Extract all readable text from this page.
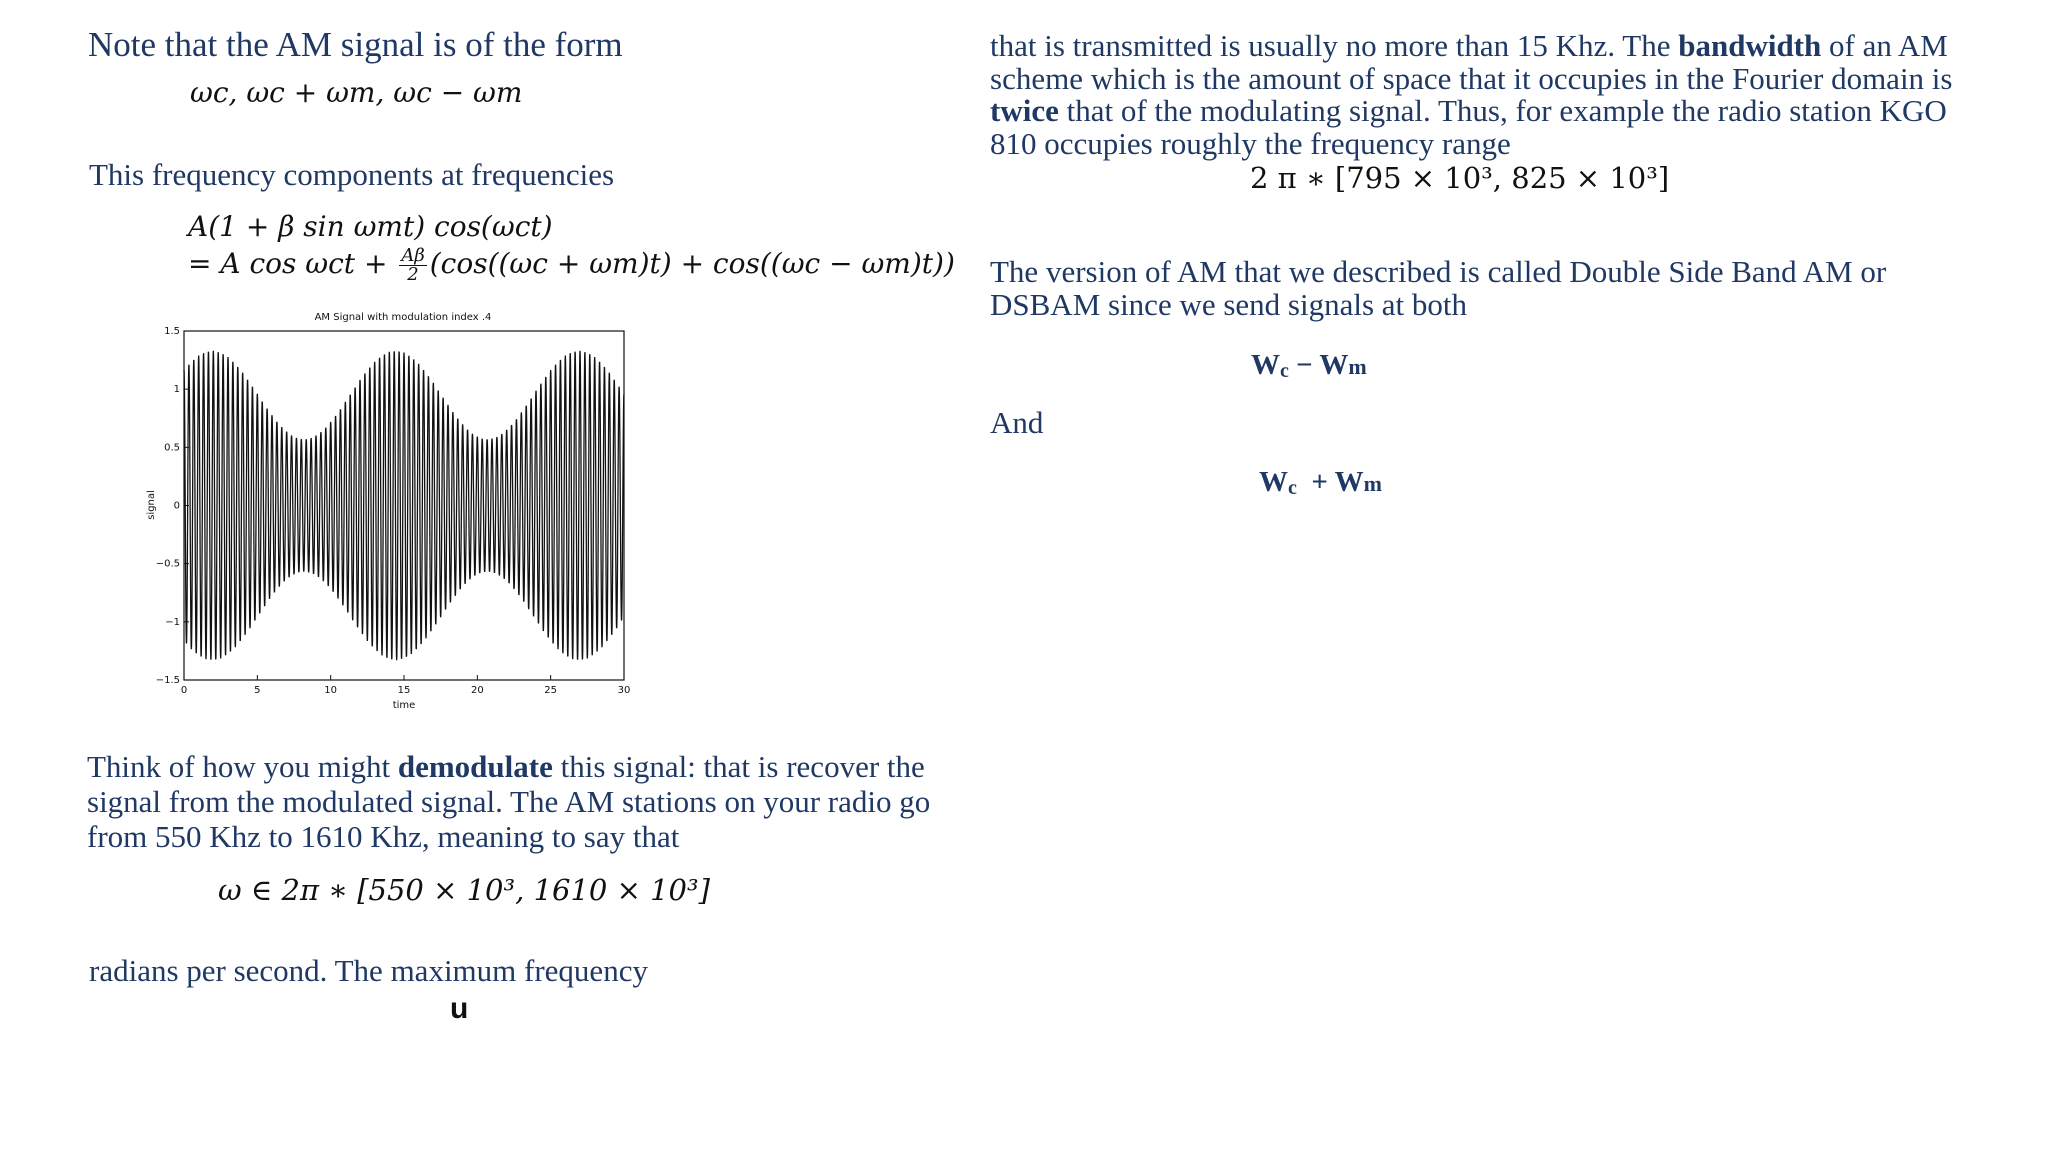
Note that the AM signal is of the form

ωc, ωc + ωm, ωc − ωm

This frequency components at frequencies

A(1 + β sin ωmt) cos(ωct)

= A $\cos \omega ct + \frac{A\beta}{2} (\cos((\omega c + \omega m)t) + \cos((\omega c - \omega m)t))$

AM Signal with modulation index .4
1.5
1
0.5
0
−0.5
−1
−1.5
0	5	10	15	20	25	30
time
signal

Think of how you might demodulate this signal: that is recover the signal from the modulated signal. The AM stations on your radio go from 550 Khz to 1610 Khz, meaning to say that

ω ∈ 2π ∗ [550 × 10³, 1610 × 10³]

radians per second. The maximum frequency

u

that is transmitted is usually no more than 15 Khz. The bandwidth of an AM scheme which is the amount of space that it occupies in the Fourier domain is twice that of the modulating signal. Thus, for example the radio station KGO 810 occupies roughly the frequency range

2 π ∗ [795 × 10³, 825 × 10³]

The version of AM that we described is called Double Side Band AM or DSBAM since we send signals at both

$W_c - Wm$

And

$W_c + Wm$
